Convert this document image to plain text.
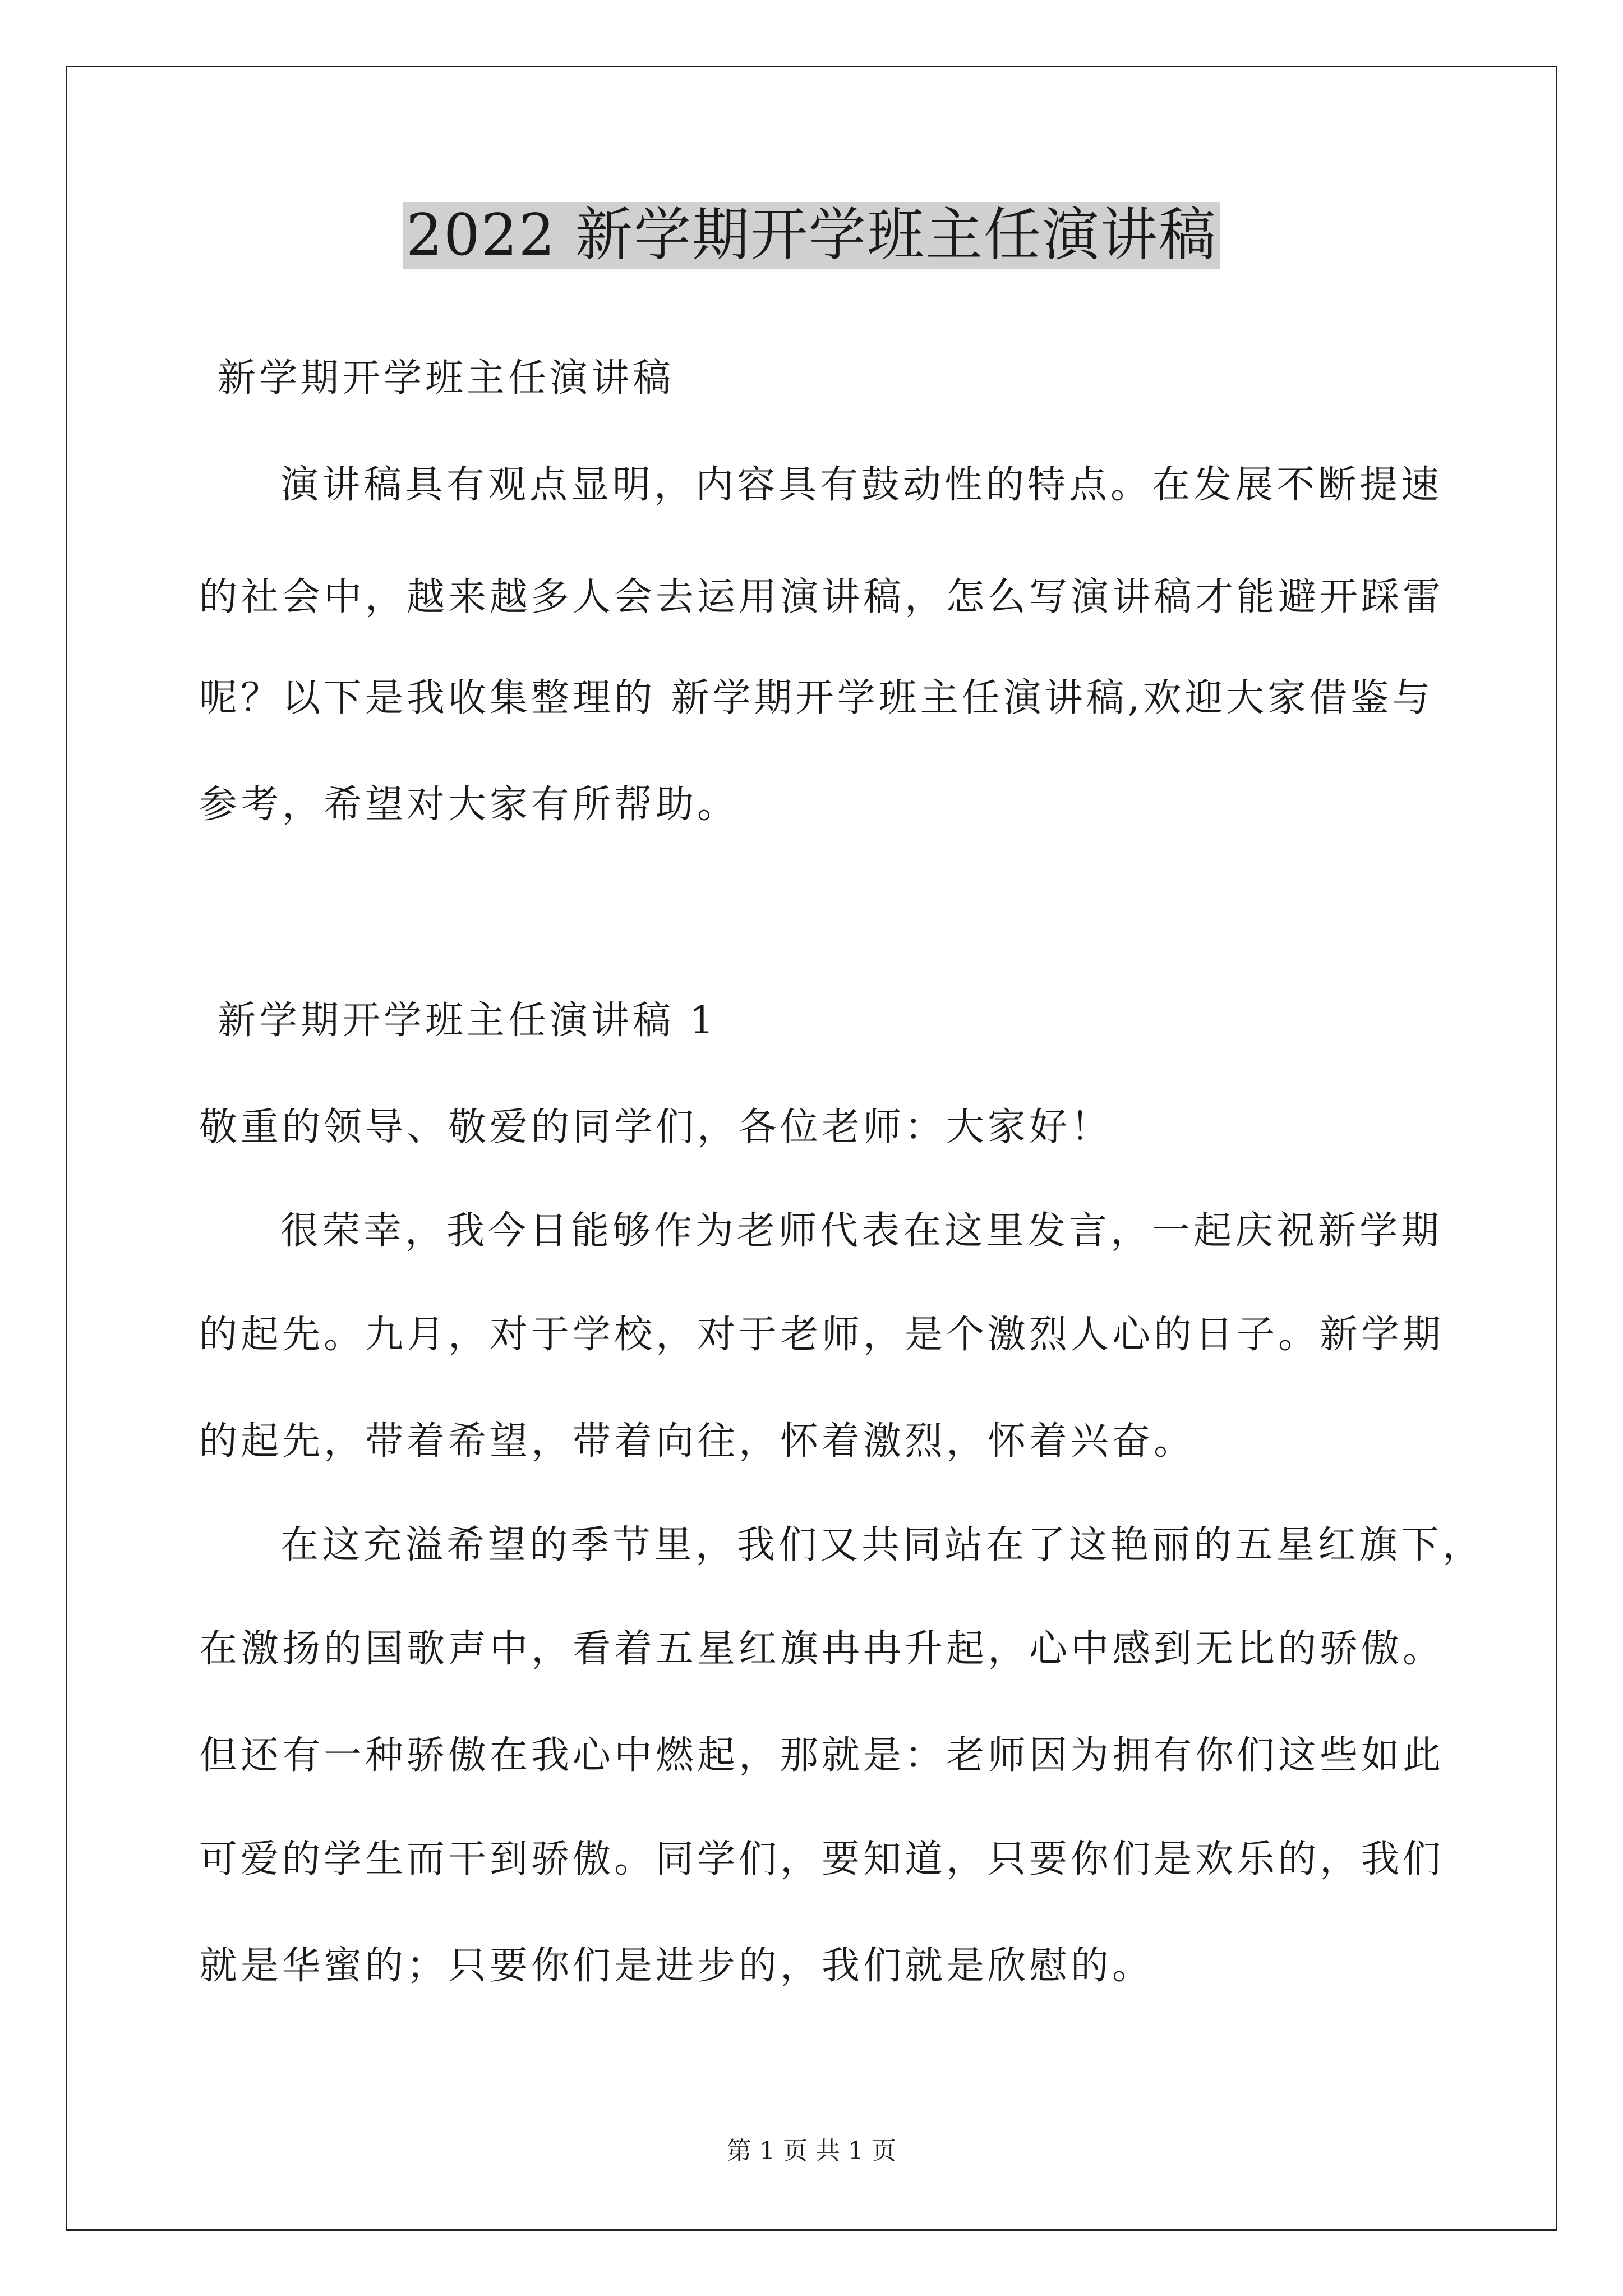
2022 新学期开学班主任演讲稿
新学期开学班主任演讲稿
演讲稿具有观点显明，内容具有鼓动性的特点。在发展不断提速
的社会中，越来越多人会去运用演讲稿，怎么写演讲稿才能避开踩雷
呢？以下是我收集整理的 新学期开学班主任演讲稿,欢迎大家借鉴与
参考，希望对大家有所帮助。
新学期开学班主任演讲稿 1
敬重的领导、敬爱的同学们，各位老师：大家好！
很荣幸，我今日能够作为老师代表在这里发言，一起庆祝新学期
的起先。九月，对于学校，对于老师，是个激烈人心的日子。新学期
的起先，带着希望，带着向往，怀着激烈，怀着兴奋。
在这充溢希望的季节里，我们又共同站在了这艳丽的五星红旗下，
在激扬的国歌声中，看着五星红旗冉冉升起，心中感到无比的骄傲。
但还有一种骄傲在我心中燃起，那就是：老师因为拥有你们这些如此
可爱的学生而干到骄傲。同学们，要知道，只要你们是欢乐的，我们
就是华蜜的；只要你们是进步的，我们就是欣慰的。
第 1 页 共 1 页
